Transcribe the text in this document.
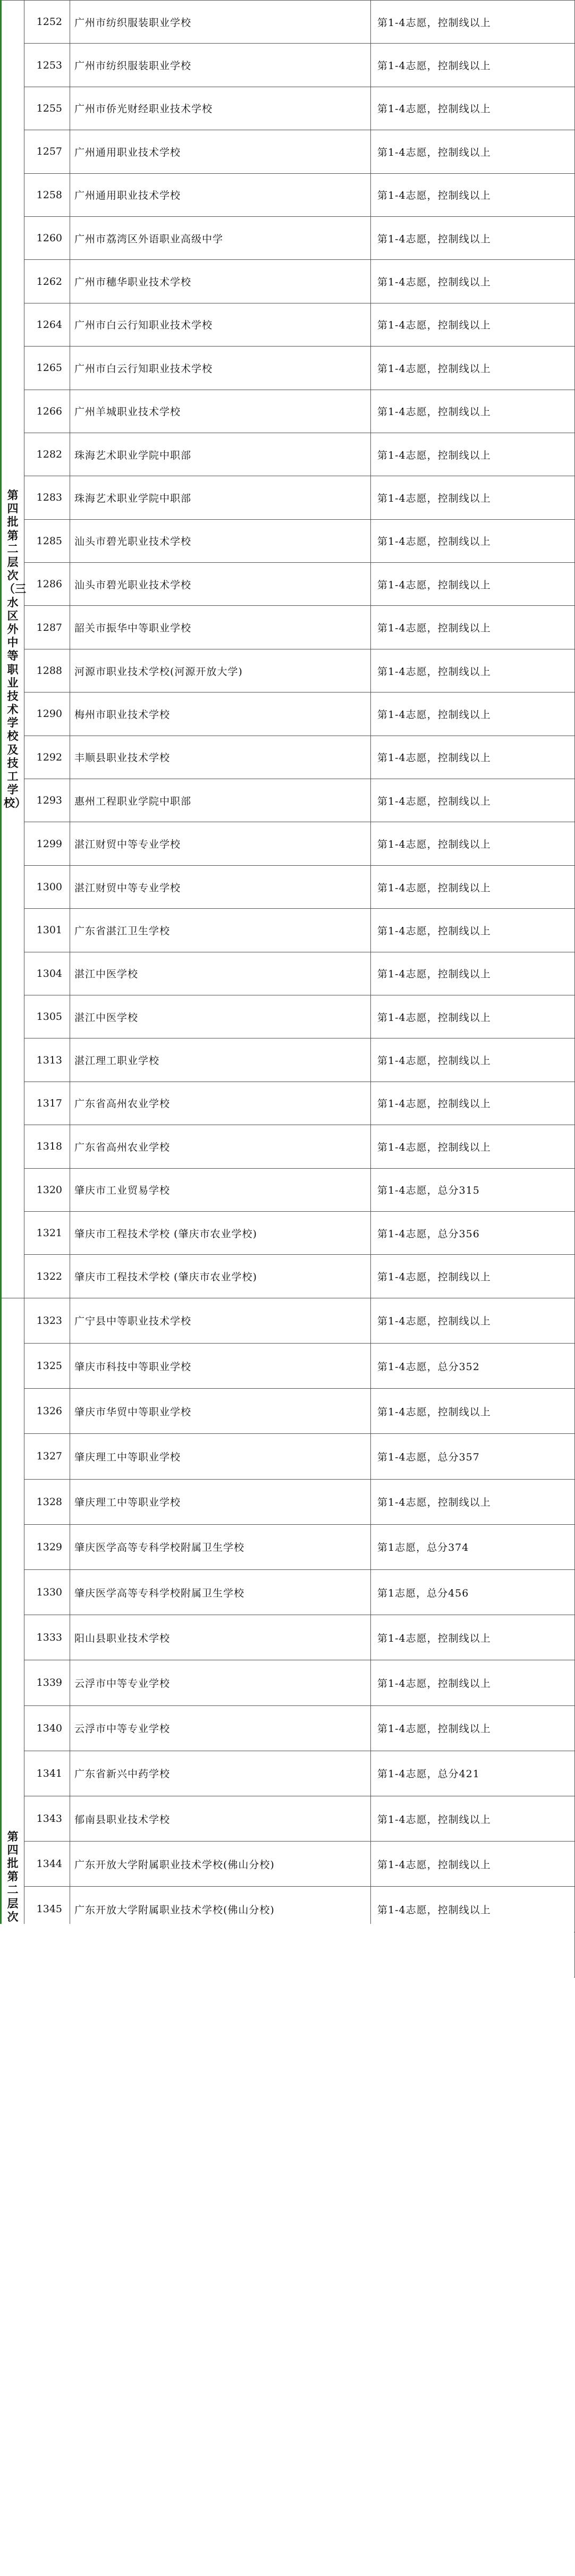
第四批第二层次（三水区外中等职业技术学校及技工学校）	1252	广州市纺织服装职业学校	第1-4志愿，控制线以上
	1253	广州市纺织服装职业学校	第1-4志愿，控制线以上
	1255	广州市侨光财经职业技术学校	第1-4志愿，控制线以上
	1257	广州通用职业技术学校	第1-4志愿，控制线以上
	1258	广州通用职业技术学校	第1-4志愿，控制线以上
	1260	广州市荔湾区外语职业高级中学	第1-4志愿，控制线以上
	1262	广州市穗华职业技术学校	第1-4志愿，控制线以上
	1264	广州市白云行知职业技术学校	第1-4志愿，控制线以上
	1265	广州市白云行知职业技术学校	第1-4志愿，控制线以上
	1266	广州羊城职业技术学校	第1-4志愿，控制线以上
	1282	珠海艺术职业学院中职部	第1-4志愿，控制线以上
	1283	珠海艺术职业学院中职部	第1-4志愿，控制线以上
	1285	汕头市碧光职业技术学校	第1-4志愿，控制线以上
	1286	汕头市碧光职业技术学校	第1-4志愿，控制线以上
	1287	韶关市振华中等职业学校	第1-4志愿，控制线以上
	1288	河源市职业技术学校(河源开放大学)	第1-4志愿，控制线以上
	1290	梅州市职业技术学校	第1-4志愿，控制线以上
	1292	丰顺县职业技术学校	第1-4志愿，控制线以上
	1293	惠州工程职业学院中职部	第1-4志愿，控制线以上
	1299	湛江财贸中等专业学校	第1-4志愿，控制线以上
	1300	湛江财贸中等专业学校	第1-4志愿，控制线以上
	1301	广东省湛江卫生学校	第1-4志愿，控制线以上
	1304	湛江中医学校	第1-4志愿，控制线以上
	1305	湛江中医学校	第1-4志愿，控制线以上
	1313	湛江理工职业学校	第1-4志愿，控制线以上
	1317	广东省高州农业学校	第1-4志愿，控制线以上
	1318	广东省高州农业学校	第1-4志愿，控制线以上
	1320	肇庆市工业贸易学校	第1-4志愿，总分315
	1321	肇庆市工程技术学校 (肇庆市农业学校)	第1-4志愿，总分356
	1322	肇庆市工程技术学校 (肇庆市农业学校)	第1-4志愿，控制线以上
第四批第二层次	1323	广宁县中等职业技术学校	第1-4志愿，控制线以上
	1325	肇庆市科技中等职业学校	第1-4志愿，总分352
	1326	肇庆市华贸中等职业学校	第1-4志愿，控制线以上
	1327	肇庆理工中等职业学校	第1-4志愿，总分357
	1328	肇庆理工中等职业学校	第1-4志愿，控制线以上
	1329	肇庆医学高等专科学校附属卫生学校	第1志愿，总分374
	1330	肇庆医学高等专科学校附属卫生学校	第1志愿，总分456
	1333	阳山县职业技术学校	第1-4志愿，控制线以上
	1339	云浮市中等专业学校	第1-4志愿，控制线以上
	1340	云浮市中等专业学校	第1-4志愿，控制线以上
	1341	广东省新兴中药学校	第1-4志愿，总分421
	1343	郁南县职业技术学校	第1-4志愿，控制线以上
	1344	广东开放大学附属职业技术学校(佛山分校)	第1-4志愿，控制线以上
	1345	广东开放大学附属职业技术学校(佛山分校)	第1-4志愿，控制线以上
